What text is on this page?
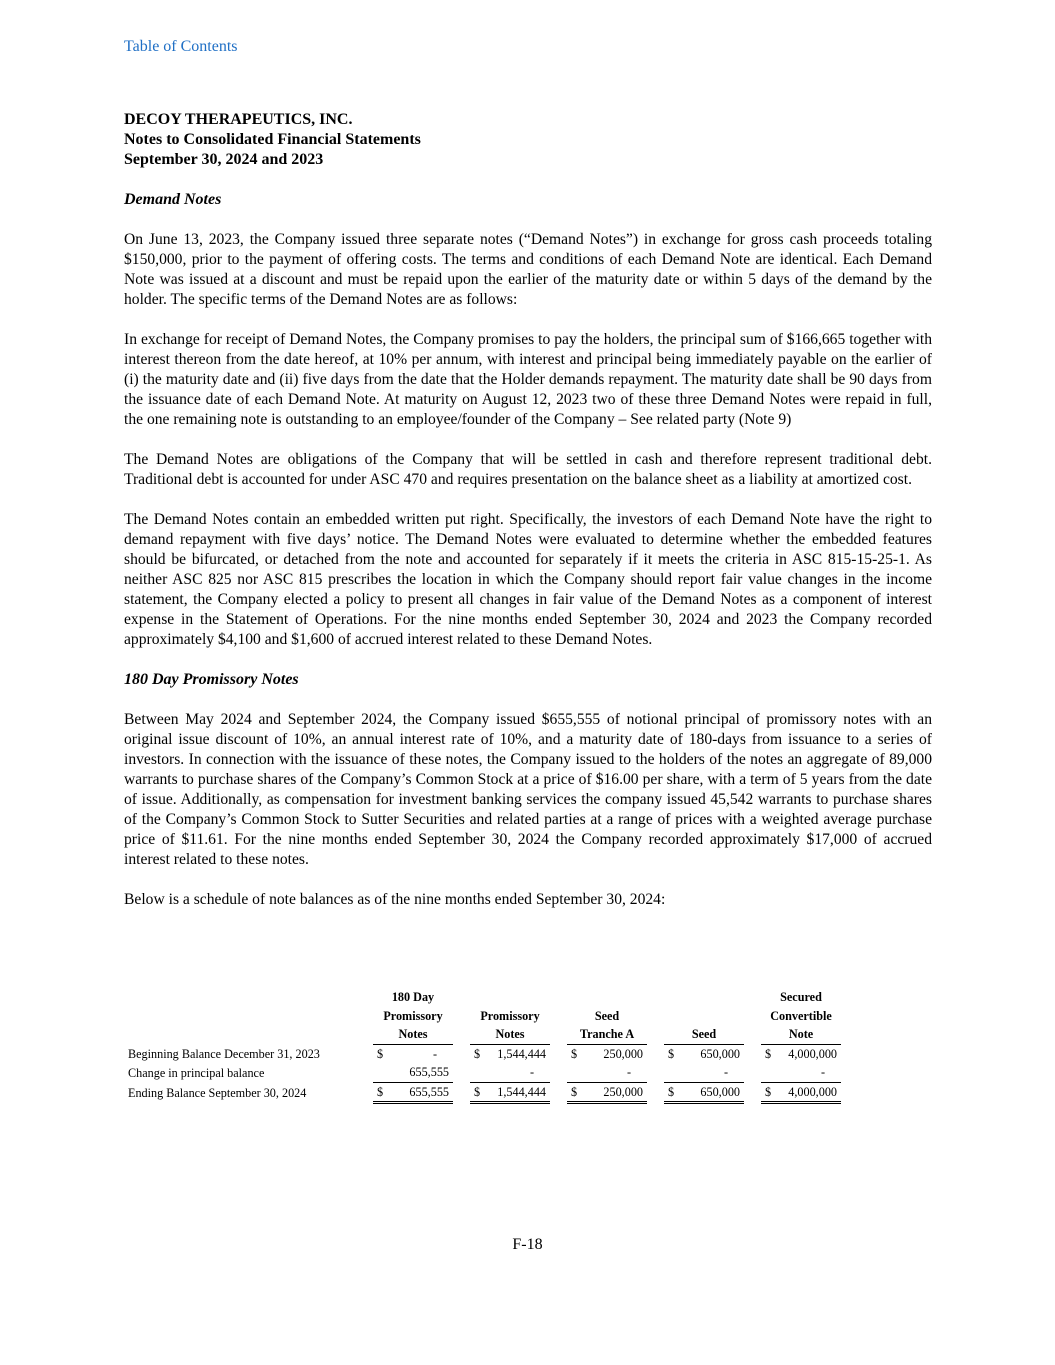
Table of Contents

DECOY THERAPEUTICS, INC.

Notes to Consolidated Financial Statements

September 30, 2024 and 2023

Demand Notes

On June 13, 2023, the Company issued three separate notes (“Demand Notes”) in exchange for gross cash proceeds totaling $150,000, prior to the payment of offering costs. The terms and conditions of each Demand Note are identical. Each Demand Note was issued at a discount and must be repaid upon the earlier of the maturity date or within 5 days of the demand by the holder. The specific terms of the Demand Notes are as follows:

In exchange for receipt of Demand Notes, the Company promises to pay the holders, the principal sum of $166,665 together with interest thereon from the date hereof, at 10% per annum, with interest and principal being immediately payable on the earlier of (i) the maturity date and (ii) five days from the date that the Holder demands repayment. The maturity date shall be 90 days from the issuance date of each Demand Note. At maturity on August 12, 2023 two of these three Demand Notes were repaid in full, the one remaining note is outstanding to an employee/founder of the Company – See related party (Note 9)

The Demand Notes are obligations of the Company that will be settled in cash and therefore represent traditional debt. Traditional debt is accounted for under ASC 470 and requires presentation on the balance sheet as a liability at amortized cost.

The Demand Notes contain an embedded written put right. Specifically, the investors of each Demand Note have the right to demand repayment with five days’ notice. The Demand Notes were evaluated to determine whether the embedded features should be bifurcated, or detached from the note and accounted for separately if it meets the criteria in ASC 815-15-25-1. As neither ASC 825 nor ASC 815 prescribes the location in which the Company should report fair value changes in the income statement, the Company elected a policy to present all changes in fair value of the Demand Notes as a component of interest expense in the Statement of Operations. For the nine months ended September 30, 2024 and 2023 the Company recorded approximately $4,100 and $1,600 of accrued interest related to these Demand Notes.

180 Day Promissory Notes

Between May 2024 and September 2024, the Company issued $655,555 of notional principal of promissory notes with an original issue discount of 10%, an annual interest rate of 10%, and a maturity date of 180-days from issuance to a series of investors. In connection with the issuance of these notes, the Company issued to the holders of the notes an aggregate of 89,000 warrants to purchase shares of the Company’s Common Stock at a price of $16.00 per share, with a term of 5 years from the date of issue. Additionally, as compensation for investment banking services the company issued 45,542 warrants to purchase shares of the Company’s Common Stock to Sutter Securities and related parties at a range of prices with a weighted average purchase price of $11.61. For the nine months ended September 30, 2024 the Company recorded approximately $17,000 of accrued interest related to these notes.

Below is a schedule of note balances as of the nine months ended September 30, 2024:

	180 Day								Secured
	Promissory		Promissory		Seed				Convertible
	Notes		Notes		Tranche A		Seed		Note
Beginning Balance December 31, 2023	$ -		$ 1,544,444		$ 250,000		$ 650,000		$ 4,000,000

Change in principal balance	655,555		-		-		-		-

Ending Balance September 30, 2024	$ 655,555		$ 1,544,444		$ 250,000		$ 650,000		$ 4,000,000
F-18
